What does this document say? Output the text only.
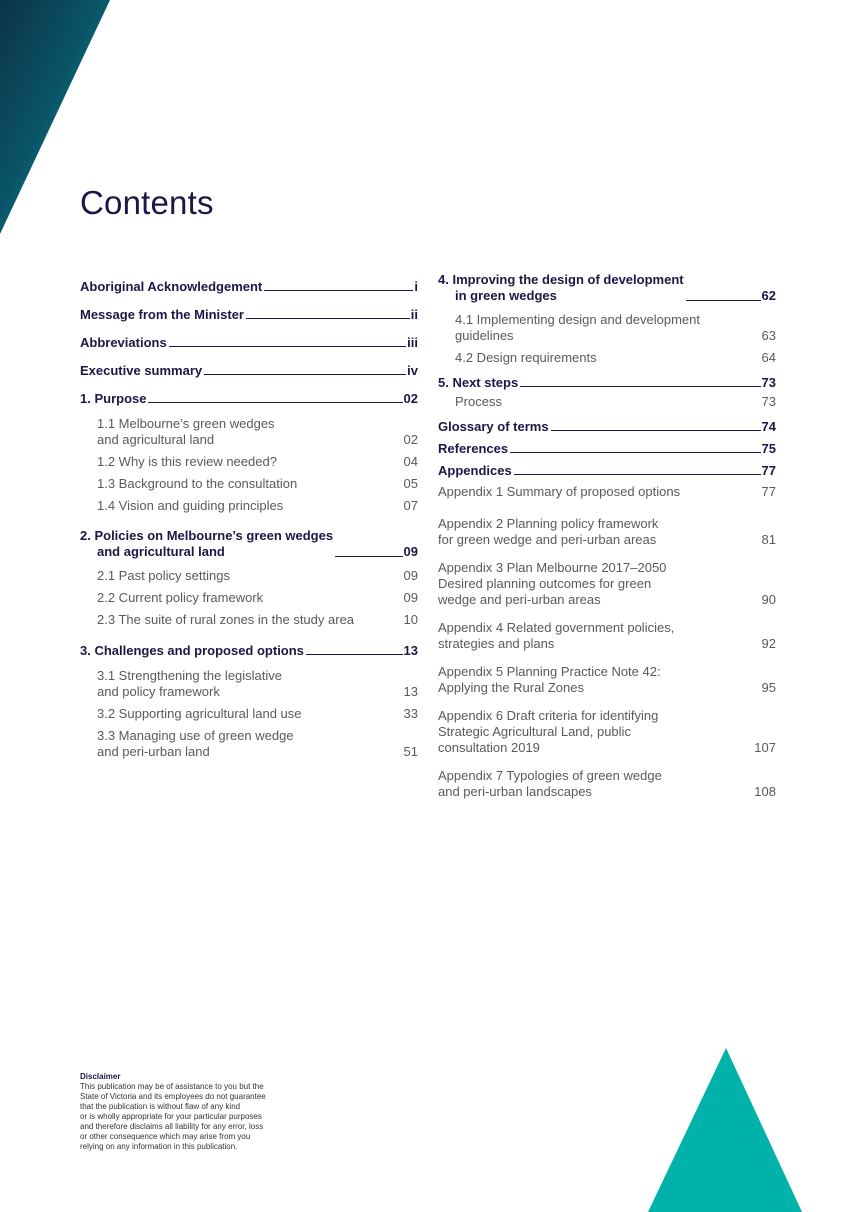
Contents
Aboriginal Acknowledgement	i
Message from the Minister	ii
Abbreviations	iii
Executive summary	iv
1. Purpose	02
1.1 Melbourne’s green wedges
and agricultural land	02
1.2 Why is this review needed?	04
1.3 Background to the consultation	05
1.4 Vision and guiding principles	07
2. Policies on Melbourne’s green wedges
and agricultural land	09
2.1 Past policy settings	09
2.2 Current policy framework	09
2.3 The suite of rural zones in the study area	10
3. Challenges and proposed options	13
3.1 Strengthening the legislative
and policy framework	13
3.2 Supporting agricultural land use	33
3.3 Managing use of green wedge
and peri-urban land	51
4. Improving the design of development
in green wedges	62
4.1 Implementing design and development
guidelines	63
4.2 Design requirements	64
5. Next steps	73
Process	73
Glossary of terms	74
References	75
Appendices	77
Appendix 1 Summary of proposed options	77
Appendix 2 Planning policy framework
for green wedge and peri-urban areas	81
Appendix 3 Plan Melbourne 2017–2050
Desired planning outcomes for green
wedge and peri-urban areas	90
Appendix 4 Related government policies,
strategies and plans	92
Appendix 5 Planning Practice Note 42:
Applying the Rural Zones	95
Appendix 6 Draft criteria for identifying
Strategic Agricultural Land, public
consultation 2019	107
Appendix 7 Typologies of green wedge
and peri-urban landscapes	108
Disclaimer
This publication may be of assistance to you but the
State of Victoria and its employees do not guarantee
that the publication is without flaw of any kind
or is wholly appropriate for your particular purposes
and therefore disclaims all liability for any error, loss
or other consequence which may arise from you
relying on any information in this publication.
